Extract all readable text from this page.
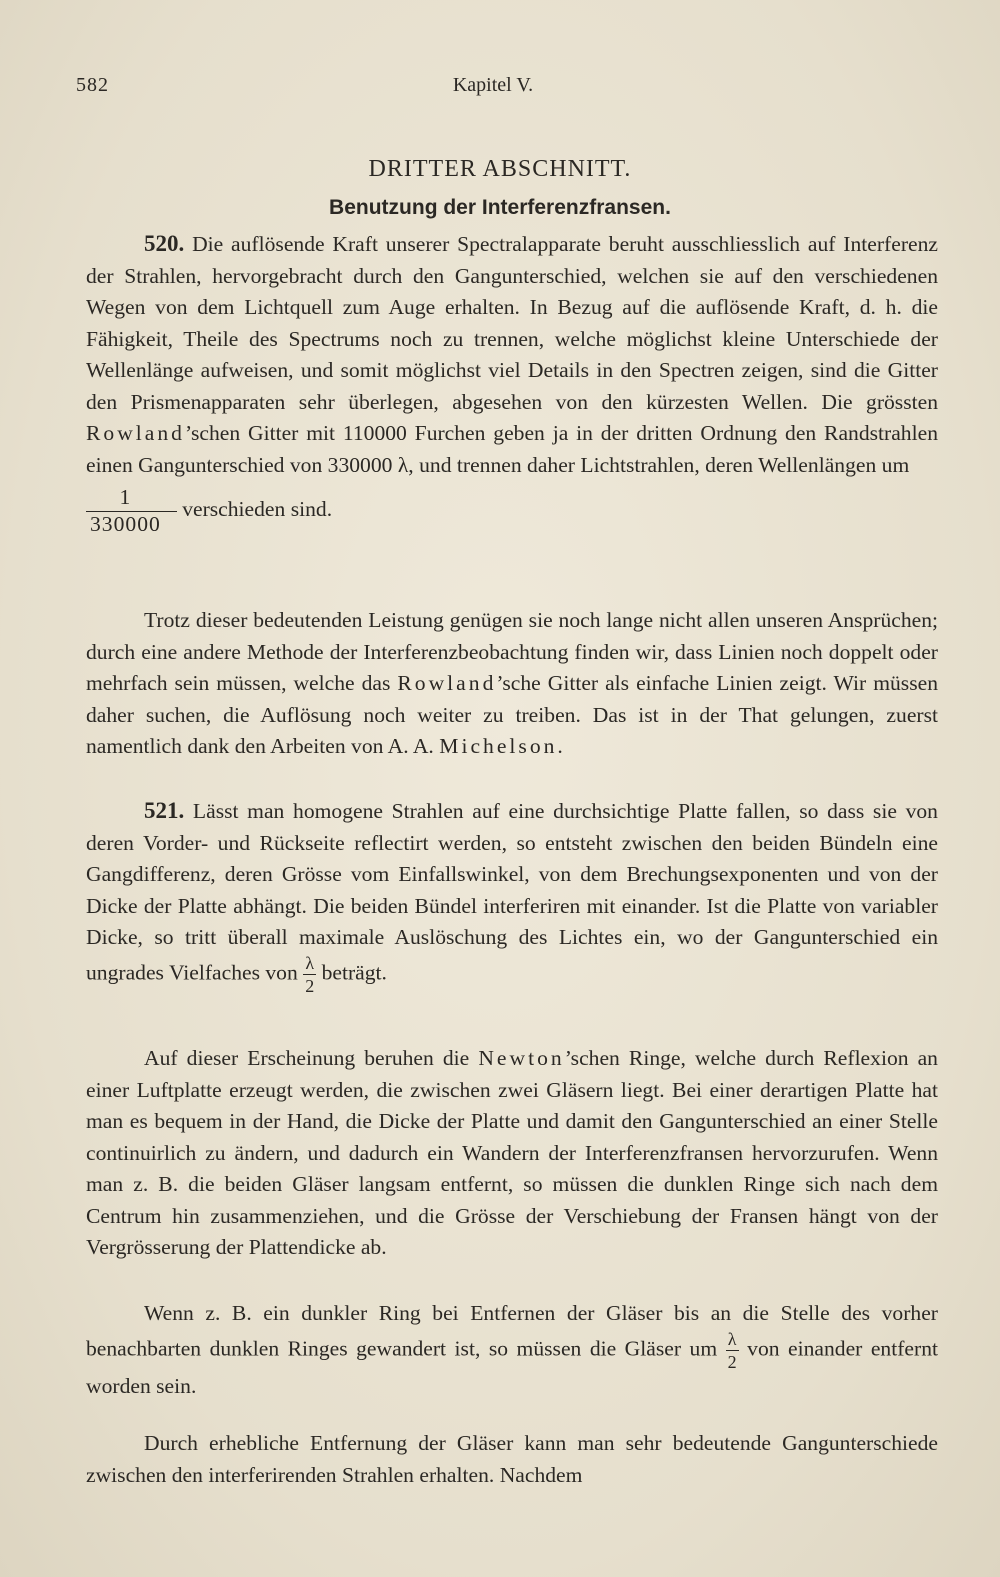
582	Kapitel V.
DRITTER ABSCHNITT.
Benutzung der Interferenzfransen.

520. Die auflösende Kraft unserer Spectralapparate beruht ausschliesslich auf Interferenz der Strahlen, hervorgebracht durch den Gangunterschied, welchen sie auf den verschiedenen Wegen von dem Lichtquell zum Auge erhalten. In Bezug auf die auflösende Kraft, d. h. die Fähigkeit, Theile des Spectrums noch zu trennen, welche möglichst kleine Unterschiede der Wellenlänge aufweisen, und somit möglichst viel Details in den Spectren zeigen, sind die Gitter den Prismenapparaten sehr überlegen, abgesehen von den kürzesten Wellen. Die grössten Rowland’schen Gitter mit 110000 Furchen geben ja in der dritten Ordnung den Randstrahlen einen Gangunterschied von 330000 λ, und trennen daher Lichtstrahlen, deren Wellenlängen um

$\frac{1}{330000}$ verschieden sind.

Trotz dieser bedeutenden Leistung genügen sie noch lange nicht allen unseren Ansprüchen; durch eine andere Methode der Interferenzbeobachtung finden wir, dass Linien noch doppelt oder mehrfach sein müssen, welche das Rowland’sche Gitter als einfache Linien zeigt. Wir müssen daher suchen, die Auflösung noch weiter zu treiben. Das ist in der That gelungen, zuerst namentlich dank den Arbeiten von A. A. Michelson.

521. Lässt man homogene Strahlen auf eine durchsichtige Platte fallen, so dass sie von deren Vorder- und Rückseite reflectirt werden, so entsteht zwischen den beiden Bündeln eine Gangdifferenz, deren Grösse vom Einfallswinkel, von dem Brechungsexponenten und von der Dicke der Platte abhängt. Die beiden Bündel interferiren mit einander. Ist die Platte von variabler Dicke, so tritt überall maximale Auslöschung des Lichtes ein, wo der Gangunterschied ein ungrades Vielfaches von $\frac{\lambda}{2}$ beträgt.

Auf dieser Erscheinung beruhen die Newton’schen Ringe, welche durch Reflexion an einer Luftplatte erzeugt werden, die zwischen zwei Gläsern liegt. Bei einer derartigen Platte hat man es bequem in der Hand, die Dicke der Platte und damit den Gangunterschied an einer Stelle continuirlich zu ändern, und dadurch ein Wandern der Interferenzfransen hervorzurufen. Wenn man z. B. die beiden Gläser langsam entfernt, so müssen die dunklen Ringe sich nach dem Centrum hin zusammenziehen, und die Grösse der Verschiebung der Fransen hängt von der Vergrösserung der Plattendicke ab.

Wenn z. B. ein dunkler Ring bei Entfernen der Gläser bis an die Stelle des vorher benachbarten dunklen Ringes gewandert ist, so müssen die Gläser um $\frac{\lambda}{2}$ von einander entfernt worden sein.

Durch erhebliche Entfernung der Gläser kann man sehr bedeutende Gangunterschiede zwischen den interferirenden Strahlen erhalten. Nachdem
